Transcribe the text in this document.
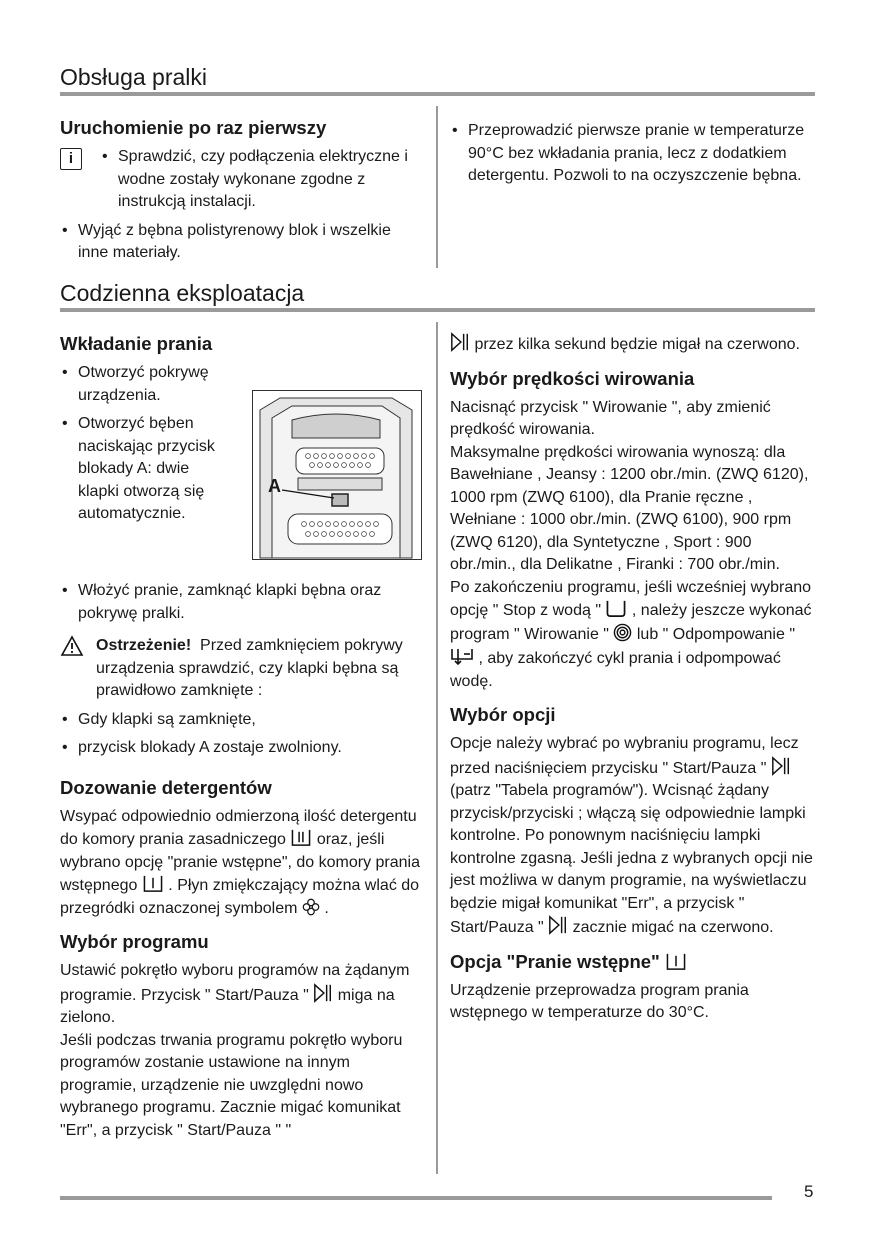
Obsługa pralki
Uruchomienie po raz pierwszy
i	• Sprawdzić, czy podłączenia elektryczne i wodne zostały wykonane zgodne z instrukcją instalacji.
• Wyjąć z bębna polistyrenowy blok i wszelkie inne materiały.
• Przeprowadzić pierwsze pranie w temperaturze 90°C bez wkładania prania, lecz z dodatkiem detergentu. Pozwoli to na oczyszczenie bębna.
Codzienna eksploatacja
Wkładanie prania
• Otworzyć pokrywę urządzenia.
• Otworzyć bęben naciskając przycisk blokady A: dwie klapki otworzą się automatycznie.
A
• Włożyć pranie, zamknąć klapki bębna oraz pokrywę pralki.

Ostrzeżenie! Przed zamknięciem pokrywy urządzenia sprawdzić, czy klapki bębna są prawidłowo zamknięte :

• Gdy klapki są zamknięte,
• przycisk blokady A zostaje zwolniony.
Dozowanie detergentów

Wsypać odpowiednio odmierzoną ilość detergentu do komory prania zasadniczego oraz, jeśli wybrano opcję "pranie wstępne", do komory prania wstępnego . Płyn zmiękczający można wlać do przegródki oznaczonej symbolem .

Wybór programu

Ustawić pokrętło wyboru programów na żądanym programie. Przycisk " Start/Pauza " miga na zielono.

Jeśli podczas trwania programu pokrętło wyboru programów zostanie ustawione na innym programie, urządzenie nie uwzględni nowo wybranego programu. Zacznie migać komunikat "Err", a przycisk " Start/Pauza " "

przez kilka sekund będzie migał na czerwono.

Wybór prędkości wirowania

Nacisnąć przycisk " Wirowanie ", aby zmienić prędkość wirowania.

Maksymalne prędkości wirowania wynoszą: dla Bawełniane , Jeansy : 1200 obr./min. (ZWQ 6120), 1000 rpm (ZWQ 6100), dla Pranie ręczne , Wełniane : 1000 obr./min. (ZWQ 6100), 900 rpm (ZWQ 6120), dla Syntetyczne , Sport : 900 obr./min., dla Delikatne , Firanki : 700 obr./min.

Po zakończeniu programu, jeśli wcześniej wybrano opcję " Stop z wodą " , należy jeszcze wykonać program " Wirowanie " lub " Odpompowanie "  , aby zakończyć cykl prania i odpompować wodę.

Wybór opcji

Opcje należy wybrać po wybraniu programu, lecz przed naciśnięciem przycisku " Start/Pauza "  (patrz "Tabela programów"). Wcisnąć żądany przycisk/przyciski ; włączą się odpowiednie lampki kontrolne. Po ponownym naciśnięciu lampki kontrolne zgasną. Jeśli jedna z wybranych opcji nie jest możliwa w danym programie, na wyświetlaczu będzie migał komunikat "Err", a przycisk " Start/Pauza " zacznie migać na czerwono.

Opcja "Pranie wstępne"

Urządzenie przeprowadza program prania wstępnego w temperaturze do 30°C.

5
